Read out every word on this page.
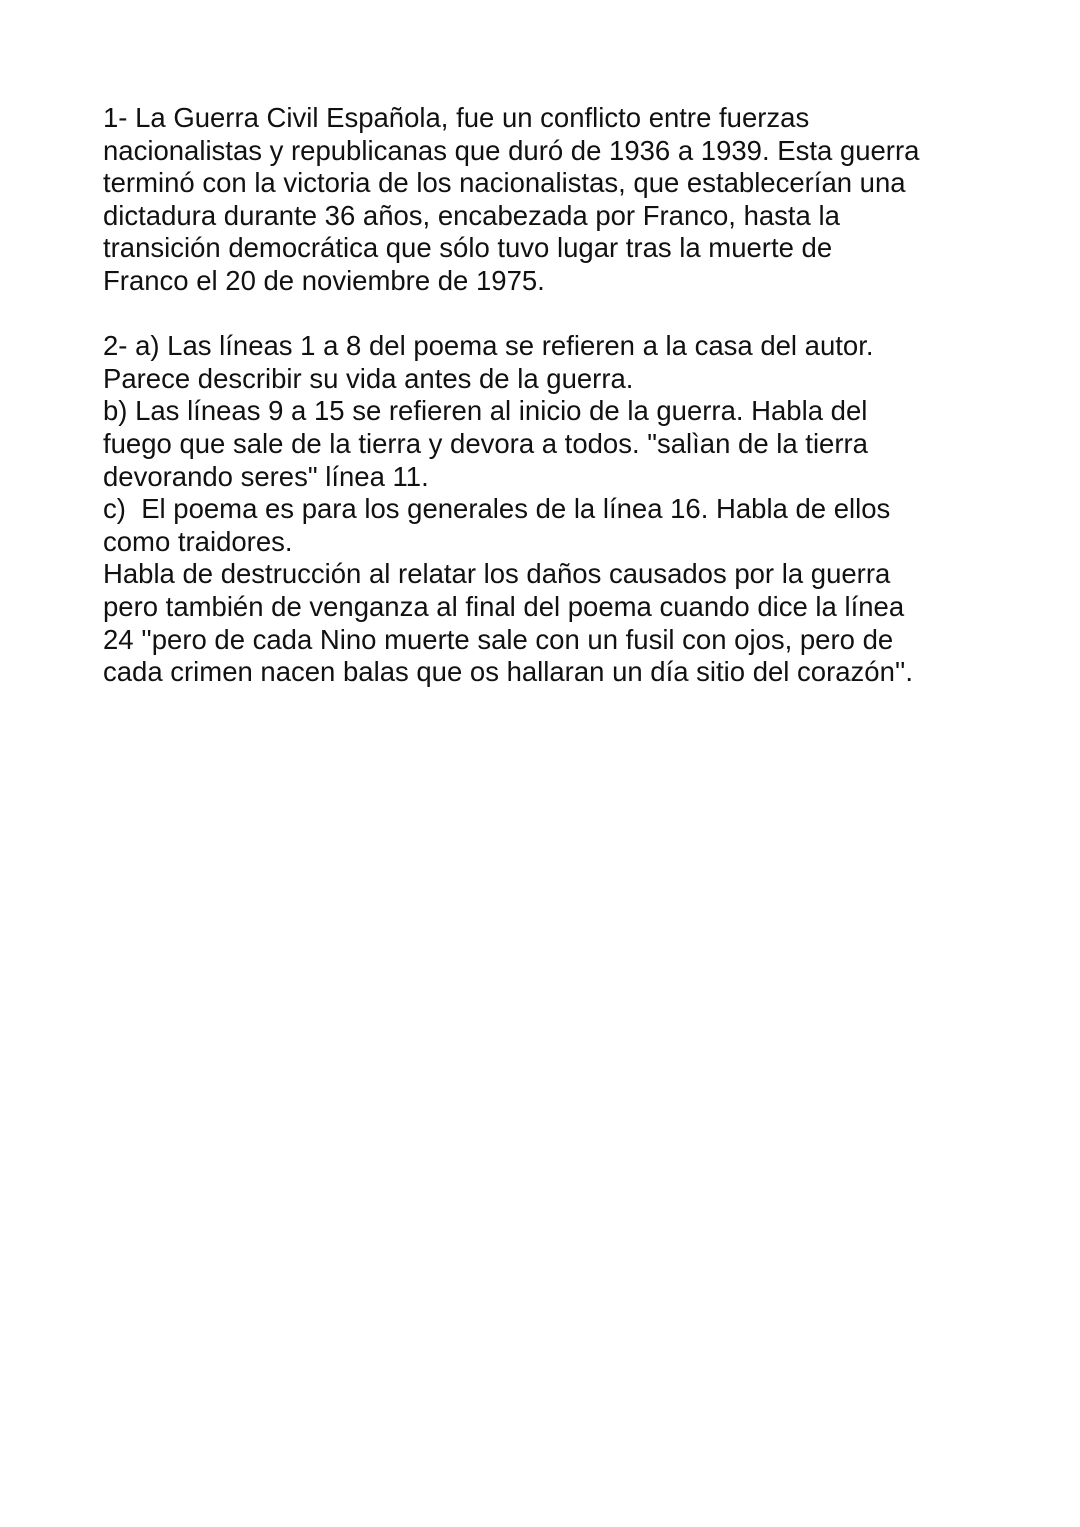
1- La Guerra Civil Española, fue un conflicto entre fuerzas
nacionalistas y republicanas que duró de 1936 a 1939. Esta guerra
terminó con la victoria de los nacionalistas, que establecerían una
dictadura durante 36 años, encabezada por Franco, hasta la
transición democrática que sólo tuvo lugar tras la muerte de
Franco el 20 de noviembre de 1975.
2- a) Las líneas 1 a 8 del poema se refieren a la casa del autor.
Parece describir su vida antes de la guerra.
b) Las líneas 9 a 15 se refieren al inicio de la guerra. Habla del
fuego que sale de la tierra y devora a todos. "salìan de la tierra
devorando seres" línea 11.
c)  El poema es para los generales de la línea 16. Habla de ellos
como traidores.
Habla de destrucción al relatar los daños causados por la guerra
pero también de venganza al final del poema cuando dice la línea
24 ''pero de cada Nino muerte sale con un fusil con ojos, pero de
cada crimen nacen balas que os hallaran un día sitio del corazón''.
